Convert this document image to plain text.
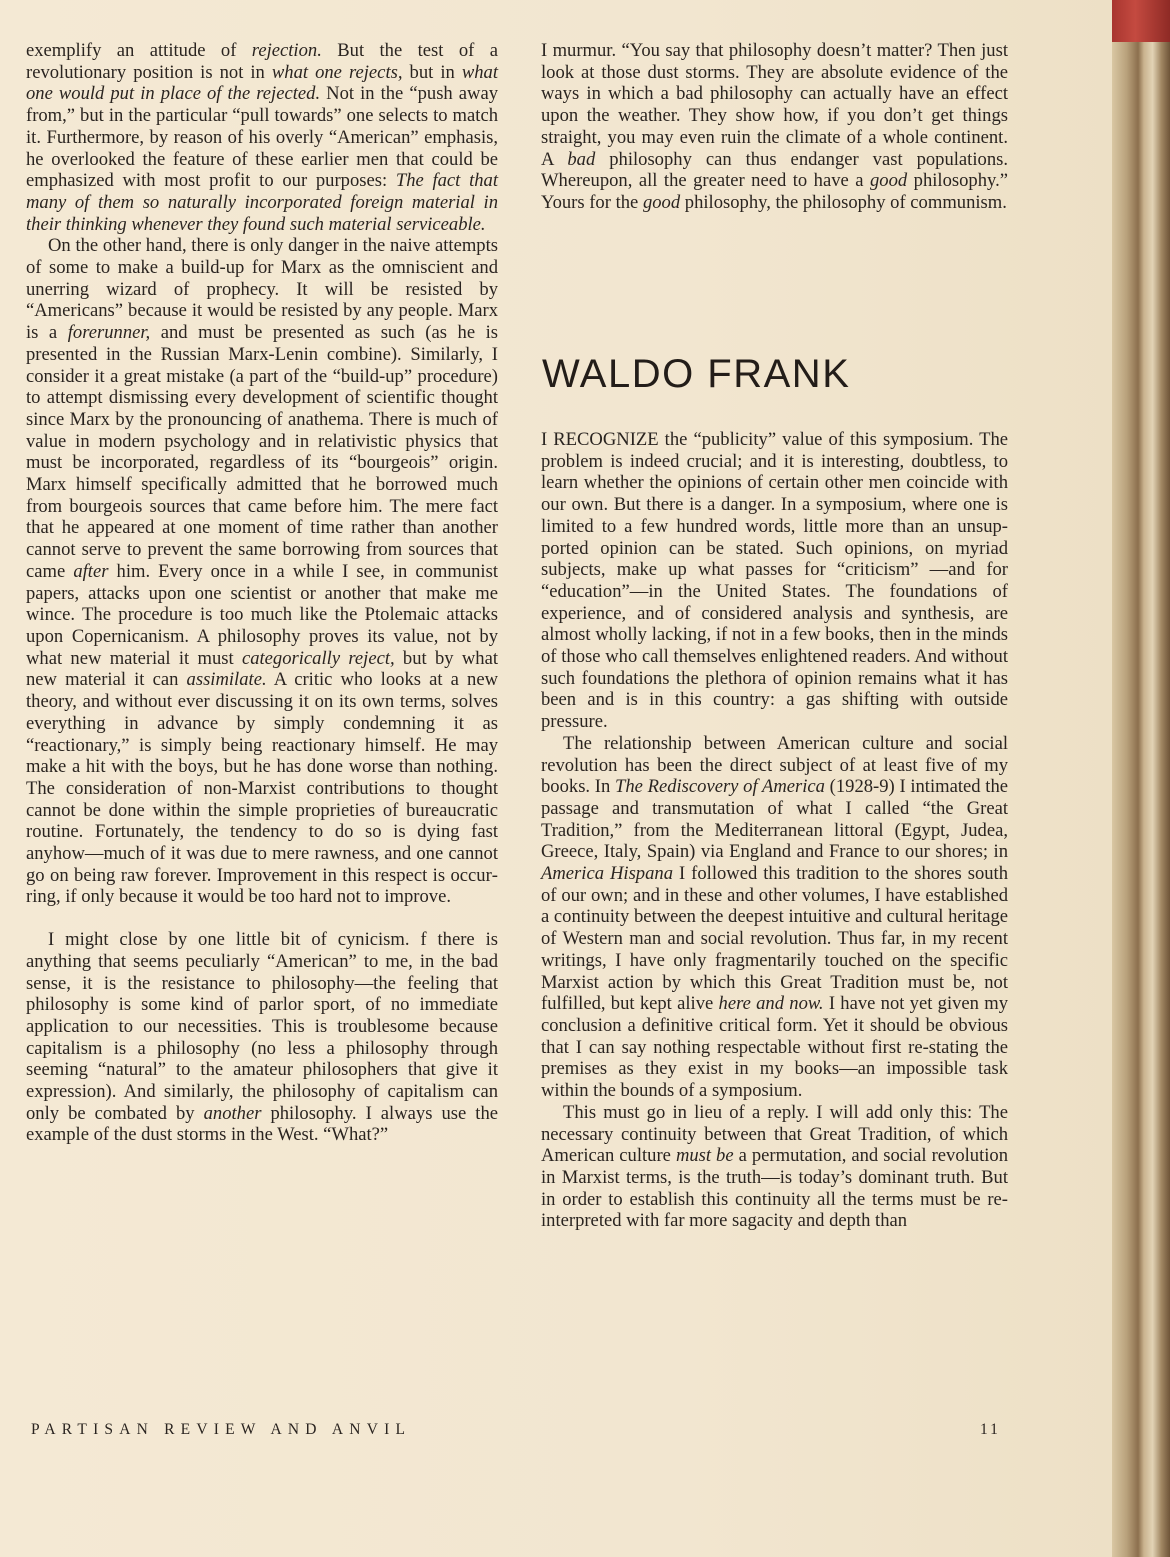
exemplify an attitude of rejection. But the test of a revolutionary position is not in what one rejects, but in what one would put in place of the rejected. Not in the “push away from,” but in the particular “pull towards” one selects to match it. Furthermore, by reason of his overly “American” emphasis, he overlooked the feature of these earlier men that could be emphasized with most profit to our purposes: The fact that many of them so naturally incorporated foreign material in their thinking whenever they found such material serviceable.

On the other hand, there is only danger in the naive attempts of some to make a build-up for Marx as the omniscient and unerring wizard of prophecy. It will be resisted by “Americans” because it would be resisted by any people. Marx is a forerunner, and must be presented as such (as he is presented in the Russian Marx-Lenin combine). Similarly, I consider it a great mistake (a part of the “build-up” procedure) to attempt dismissing every development of scientific thought since Marx by the pronouncing of anathema. There is much of value in modern psychology and in relativistic physics that must be incorporated, regardless of its “bourgeois” origin. Marx himself specifically admitted that he borrowed much from bourgeois sources that came before him. The mere fact that he appeared at one moment of time rather than another cannot serve to prevent the same borrowing from sources that came after him. Every once in a while I see, in communist papers, attacks upon one scientist or another that make me wince. The procedure is too much like the Ptolemaic attacks upon Copernicanism. A philosophy proves its value, not by what new material it must categorically reject, but by what new material it can assimilate. A critic who looks at a new theory, and without ever discussing it on its own terms, solves everything in advance by simply condemning it as “reactionary,” is simply being reactionary himself. He may make a hit with the boys, but he has done worse than nothing. The consideration of non-Marxist contributions to thought cannot be done within the simple proprieties of bureaucratic routine. Fortunately, the tendency to do so is dying fast anyhow—much of it was due to mere rawness, and one cannot go on being raw forever. Improvement in this respect is occurring, if only because it would be too hard not to improve.

I might close by one little bit of cynicism. f there is anything that seems peculiarly “American” to me, in the bad sense, it is the resistance to philosophy—the feeling that philosophy is some kind of parlor sport, of no immediate application to our necessities. This is troublesome because capitalism is a philosophy (no less a philosophy through seeming “natural” to the amateur philosophers that give it expression). And similarly, the philosophy of capitalism can only be combated by another philosophy. I always use the example of the dust storms in the West. “What?”

I murmur. “You say that philosophy doesn’t matter? Then just look at those dust storms. They are absolute evidence of the ways in which a bad philosophy can actually have an effect upon the weather. They show how, if you don’t get things straight, you may even ruin the climate of a whole continent. A bad philosophy can thus endanger vast populations. Whereupon, all the greater need to have a good philosophy.” Yours for the good philosophy, the philosophy of communism.

WALDO FRANK

I RECOGNIZE the “publicity” value of this symposium. The problem is indeed crucial; and it is interesting, doubtless, to learn whether the opinions of certain other men coincide with our own. But there is a danger. In a symposium, where one is limited to a few hundred words, little more than an unsupported opinion can be stated. Such opinions, on myriad subjects, make up what passes for “criticism” —and for “education”—in the United States. The foundations of experience, and of considered analysis and synthesis, are almost wholly lacking, if not in a few books, then in the minds of those who call themselves enlightened readers. And without such foundations the plethora of opinion remains what it has been and is in this country: a gas shifting with outside pressure.

The relationship between American culture and social revolution has been the direct subject of at least five of my books. In The Rediscovery of America (1928-9) I intimated the passage and transmutation of what I called “the Great Tradition,” from the Mediterranean littoral (Egypt, Judea, Greece, Italy, Spain) via England and France to our shores; in America Hispana I followed this tradition to the shores south of our own; and in these and other volumes, I have established a continuity between the deepest intuitive and cultural heritage of Western man and social revolution. Thus far, in my recent writings, I have only fragmentarily touched on the specific Marxist action by which this Great Tradition must be, not fulfilled, but kept alive here and now. I have not yet given my conclusion a definitive critical form. Yet it should be obvious that I can say nothing respectable without first re-stating the premises as they exist in my books—an impossible task within the bounds of a symposium.

This must go in lieu of a reply. I will add only this: The necessary continuity between that Great Tradition, of which American culture must be a permutation, and social revolution in Marxist terms, is the truth—is today’s dominant truth. But in order to establish this continuity all the terms must be reinterpreted with far more sagacity and depth than

PARTISAN REVIEW AND ANVIL	11
